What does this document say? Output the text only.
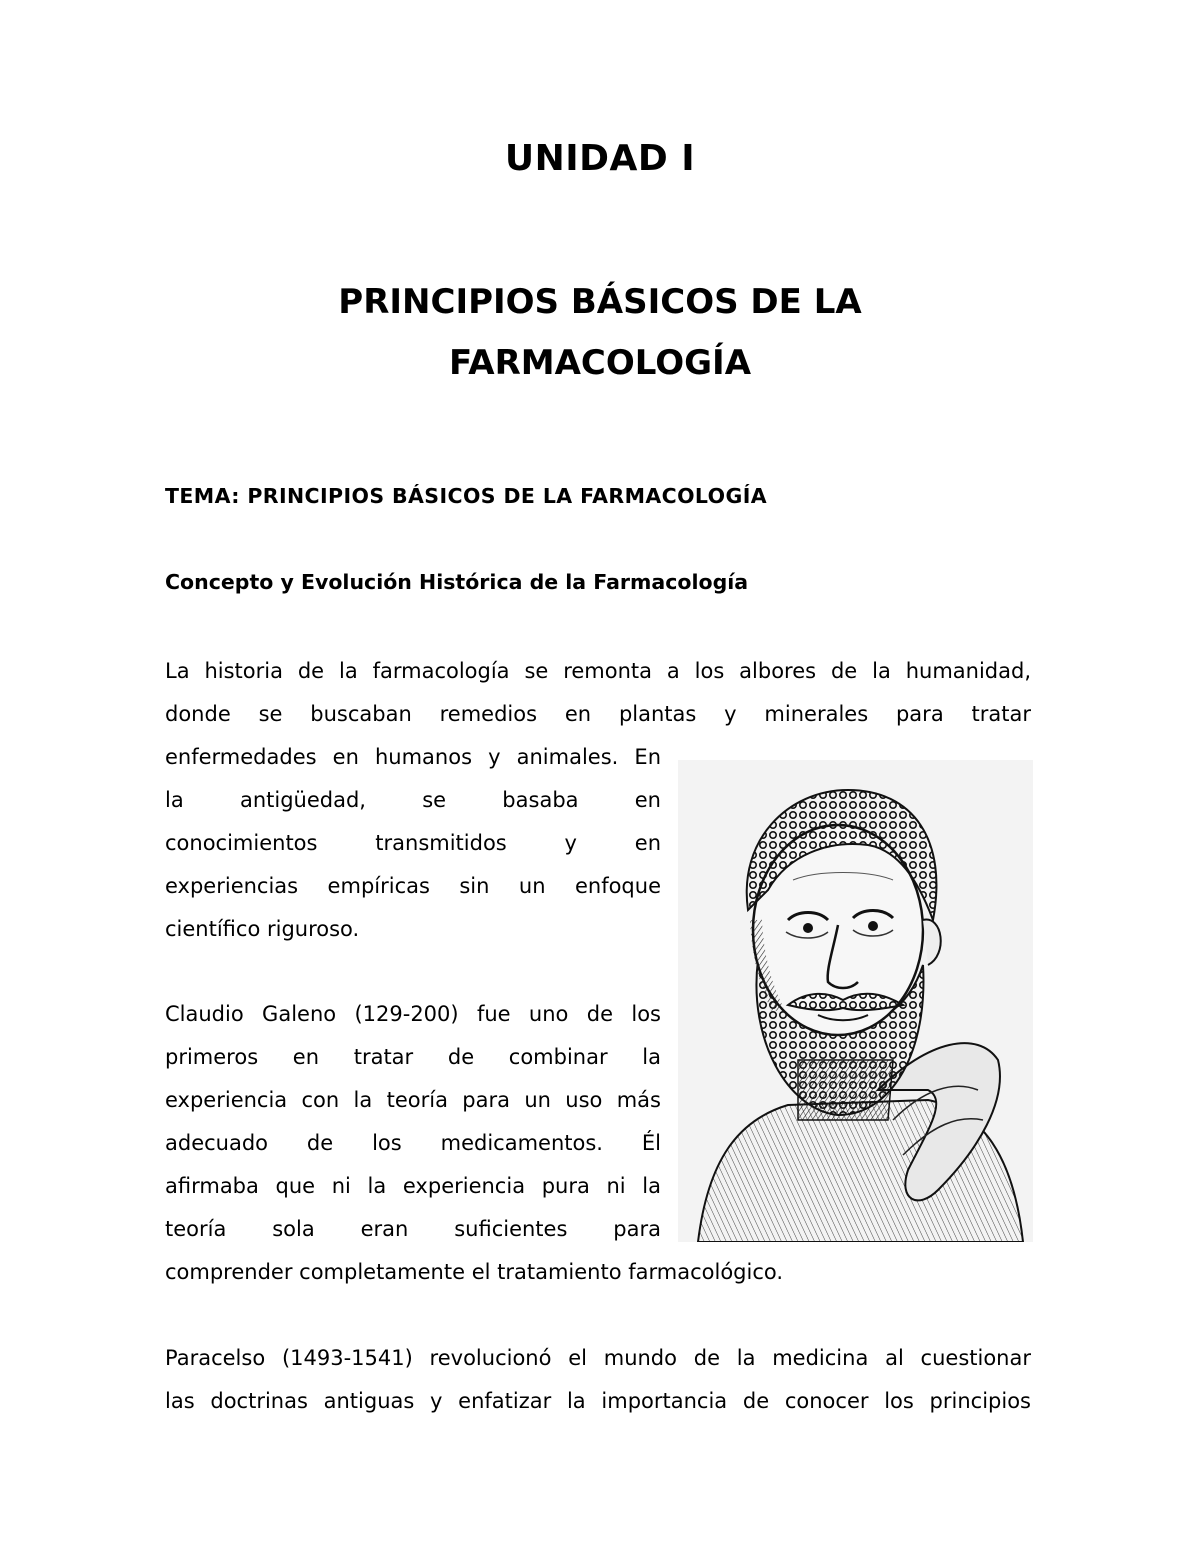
UNIDAD I
PRINCIPIOS BÁSICOS DE LA
FARMACOLOGÍA
TEMA: PRINCIPIOS BÁSICOS DE LA FARMACOLOGÍA
Concepto y Evolución Histórica de la Farmacología
La historia de la farmacología se remonta a los albores de la humanidad,
donde se buscaban remedios en plantas y minerales para tratar
enfermedades en humanos y animales. En
la antigüedad, se basaba en
conocimientos transmitidos y en
experiencias empíricas sin un enfoque
científico riguroso.
Claudio Galeno (129-200) fue uno de los
primeros en tratar de combinar la
experiencia con la teoría para un uso más
adecuado de los medicamentos. Él
afirmaba que ni la experiencia pura ni la
teoría sola eran suficientes para
comprender completamente el tratamiento farmacológico.
Paracelso (1493-1541) revolucionó el mundo de la medicina al cuestionar
las doctrinas antiguas y enfatizar la importancia de conocer los principios
